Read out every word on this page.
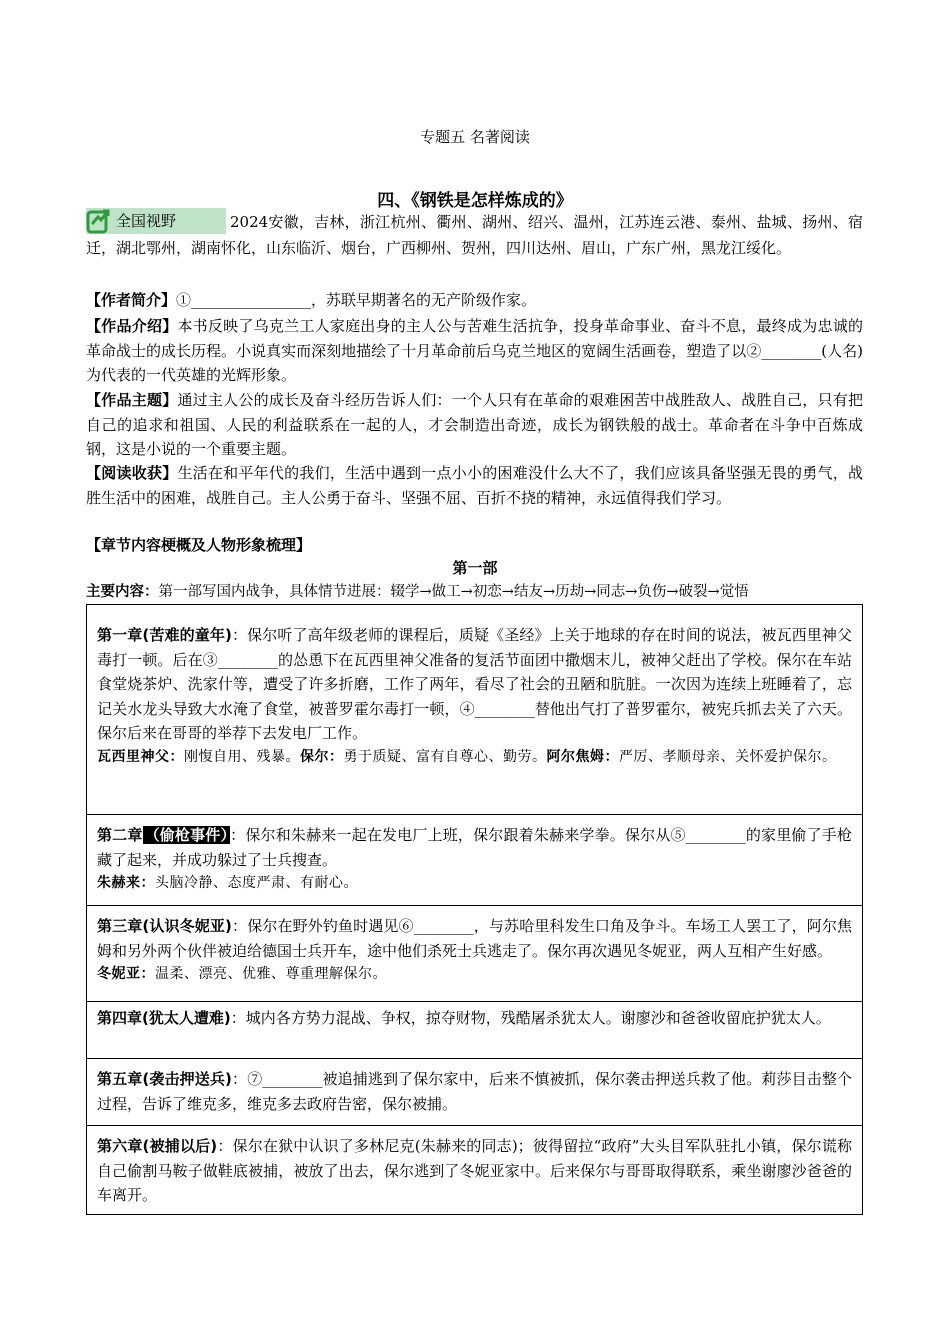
专题五 名著阅读
四、《钢铁是怎样炼成的》
全国视野	2024安徽，吉林，浙江杭州、衢州、湖州、绍兴、温州，江苏连云港、泰州、盐城、扬州、宿迁，湖北鄂州，湖南怀化，山东临沂、烟台，广西柳州、贺州，四川达州、眉山，广东广州，黑龙江绥化。
【作者简介】①________________，苏联早期著名的无产阶级作家。
【作品介绍】本书反映了乌克兰工人家庭出身的主人公与苦难生活抗争，投身革命事业、奋斗不息，最终成为忠诚的革命战士的成长历程。小说真实而深刻地描绘了十月革命前后乌克兰地区的宽阔生活画卷，塑造了以②________(人名)为代表的一代英雄的光辉形象。
【作品主题】通过主人公的成长及奋斗经历告诉人们：一个人只有在革命的艰难困苦中战胜敌人、战胜自己，只有把自己的追求和祖国、人民的利益联系在一起的人，才会制造出奇迹，成长为钢铁般的战士。革命者在斗争中百炼成钢，这是小说的一个重要主题。
【阅读收获】生活在和平年代的我们，生活中遇到一点小小的困难没什么大不了，我们应该具备坚强无畏的勇气，战胜生活中的困难，战胜自己。主人公勇于奋斗、坚强不屈、百折不挠的精神，永远值得我们学习。
【章节内容梗概及人物形象梳理】
第一部
主要内容：第一部写国内战争，具体情节进展：辍学→做工→初恋→结友→历劫→同志→负伤→破裂→觉悟
第一章(苦难的童年)：保尔听了高年级老师的课程后，质疑《圣经》上关于地球的存在时间的说法，被瓦西里神父毒打一顿。后在③________的怂恿下在瓦西里神父准备的复活节面团中撒烟末儿，被神父赶出了学校。保尔在车站食堂烧茶炉、洗家什等，遭受了许多折磨，工作了两年，看尽了社会的丑陋和肮脏。一次因为连续上班睡着了，忘记关水龙头导致大水淹了食堂，被普罗霍尔毒打一顿，④________替他出气打了普罗霍尔，被宪兵抓去关了六天。保尔后来在哥哥的举荐下去发电厂工作。
瓦西里神父：刚愎自用、残暴。保尔：勇于质疑、富有自尊心、勤劳。阿尔焦姆：严厉、孝顺母亲、关怀爱护保尔。
第二章 （偷枪事件） ：保尔和朱赫来一起在发电厂上班，保尔跟着朱赫来学拳。保尔从⑤________的家里偷了手枪藏了起来，并成功躲过了士兵搜查。
朱赫来：头脑冷静、态度严肃、有耐心。
第三章(认识冬妮亚)：保尔在野外钓鱼时遇见⑥________，与苏哈里科发生口角及争斗。车场工人罢工了，阿尔焦姆和另外两个伙伴被迫给德国士兵开车，途中他们杀死士兵逃走了。保尔再次遇见冬妮亚，两人互相产生好感。
冬妮亚：温柔、漂亮、优雅、尊重理解保尔。
第四章(犹太人遭难)：城内各方势力混战、争权，掠夺财物，残酷屠杀犹太人。谢廖沙和爸爸收留庇护犹太人。
第五章(袭击押送兵)：⑦________被追捕逃到了保尔家中，后来不慎被抓，保尔袭击押送兵救了他。莉莎目击整个过程，告诉了维克多，维克多去政府告密，保尔被捕。
第六章(被捕以后)：保尔在狱中认识了多林尼克(朱赫来的同志)；彼得留拉“政府”大头目军队驻扎小镇，保尔谎称自己偷割马鞍子做鞋底被捕，被放了出去，保尔逃到了冬妮亚家中。后来保尔与哥哥取得联系，乘坐谢廖沙爸爸的车离开。
